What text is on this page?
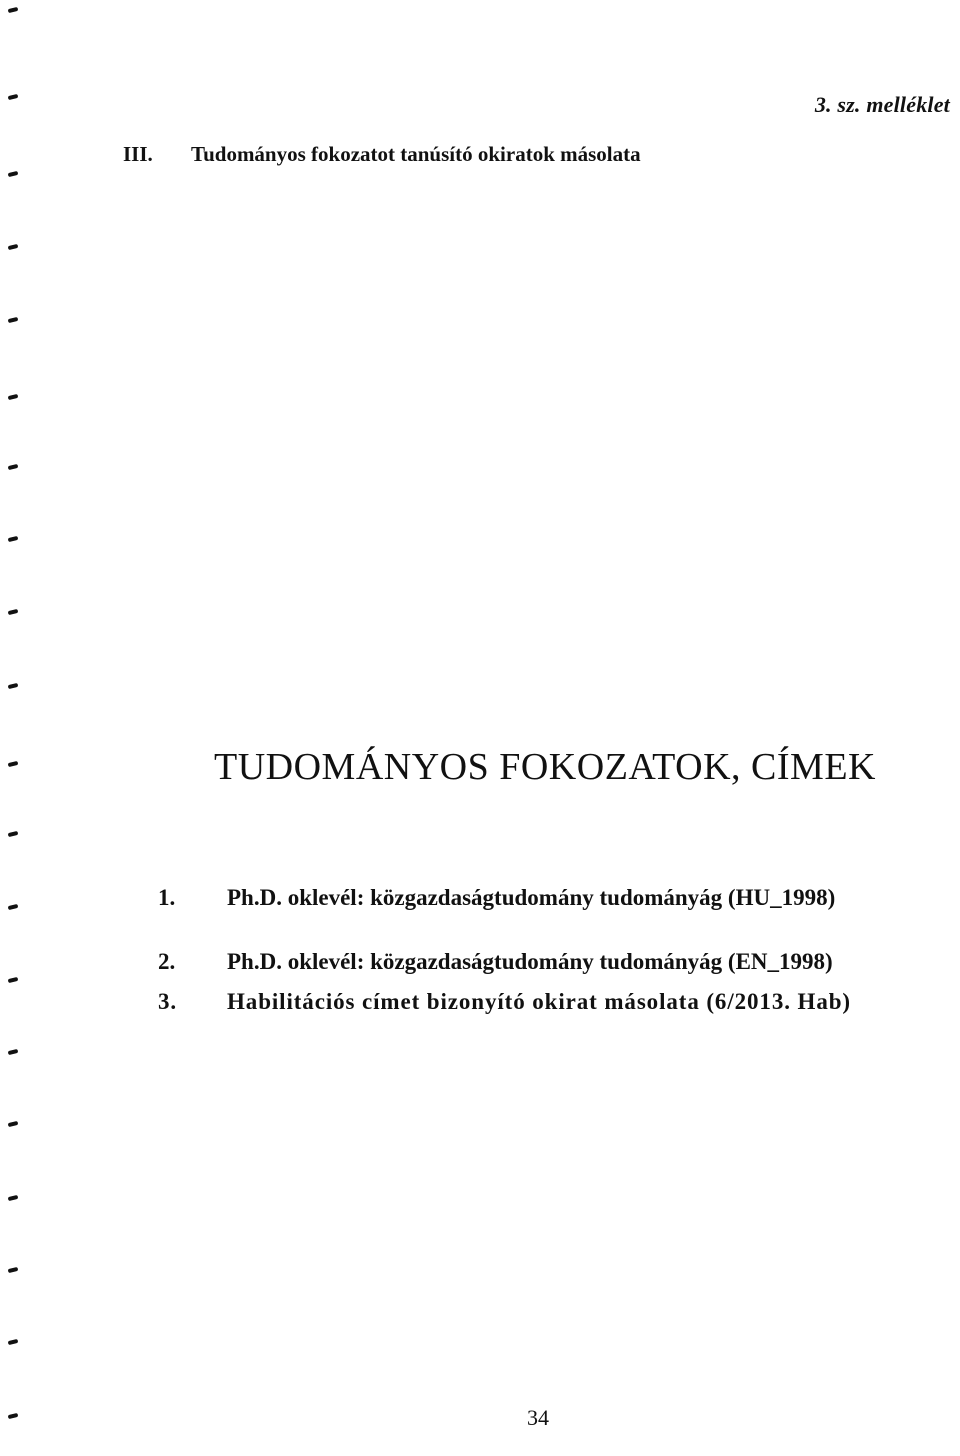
3. sz. melléklet
III. Tudományos fokozatot tanúsító okiratok másolata
TUDOMÁNYOS FOKOZATOK, CÍMEK
1. Ph.D. oklevél: közgazdaságtudomány tudományág (HU_1998)
2. Ph.D. oklevél: közgazdaságtudomány tudományág (EN_1998)
3. Habilitációs címet bizonyító okirat másolata (6/2013. Hab)
34
